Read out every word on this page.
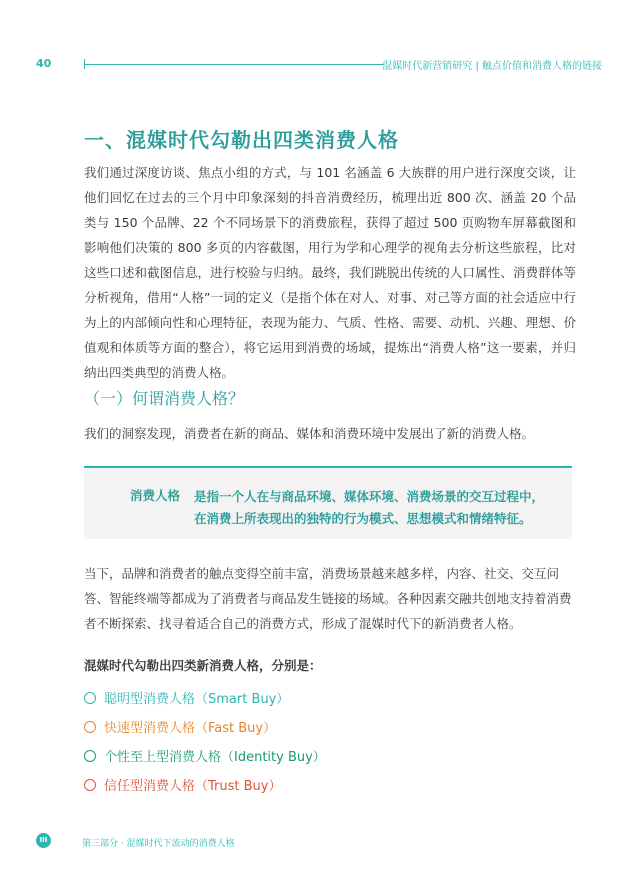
40	混媒时代新营销研究 | 触点价值和消费人格的链接
一、混媒时代勾勒出四类消费人格

我们通过深度访谈、焦点小组的方式，与 101 名涵盖 6 大族群的用户进行深度交谈，让他们回忆在过去的三个月中印象深刻的抖音消费经历，梳理出近 800 次、涵盖 20 个品类与 150 个品牌、22 个不同场景下的消费旅程，获得了超过 500 页购物车屏幕截图和影响他们决策的 800 多页的内容截图，用行为学和心理学的视角去分析这些旅程，比对这些口述和截图信息，进行校验与归纳。最终，我们跳脱出传统的人口属性、消费群体等分析视角，借用“人格”一词的定义（是指个体在对人、对事、对己等方面的社会适应中行为上的内部倾向性和心理特征，表现为能力、气质、性格、需要、动机、兴趣、理想、价值观和体质等方面的整合），将它运用到消费的场域，提炼出“消费人格”这一要素，并归纳出四类典型的消费人格。

（一）何谓消费人格？
我们的洞察发现，消费者在新的商品、媒体和消费环境中发展出了新的消费人格。
消费人格 是指一个人在与商品环境、媒体环境、消费场景的交互过程中，
在消费上所表现出的独特的行为模式、思想模式和情绪特征。

当下，品牌和消费者的触点变得空前丰富，消费场景越来越多样，内容、社交、交互问答、智能终端等都成为了消费者与商品发生链接的场域。各种因素交融共创地支持着消费者不断探索、找寻着适合自己的消费方式，形成了混媒时代下的新消费者人格。

混媒时代勾勒出四类新消费人格，分别是：
聪明型消费人格（Smart Buy）
快速型消费人格（Fast Buy）
个性至上型消费人格（Identity Buy）
信任型消费人格（Trust Buy）
III	第三部分 · 混媒时代下流动的消费人格
